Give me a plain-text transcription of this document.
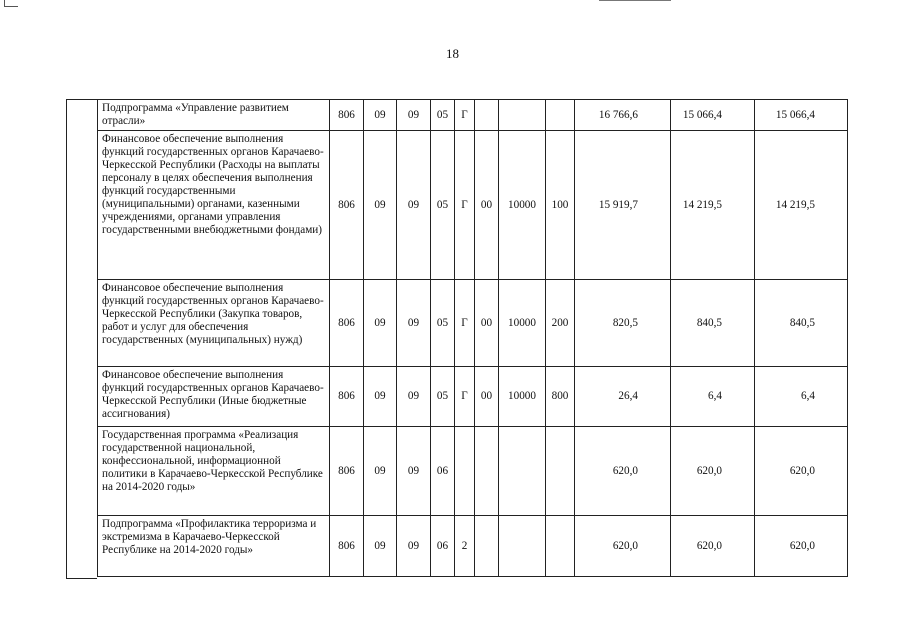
18
Подпрограмма «Управление развитием отрасли»	806	09	09	05	Г				16 766,6	15 066,4	15 066,4
Финансовое обеспечение выполнения функций государственных органов Карачаево-Черкесской Республики (Расходы на выплаты персоналу в целях обеспечения выполнения функций государственными (муниципальными) органами, казенными учреждениями, органами управления государственными внебюджетными фондами)	806	09	09	05	Г	00	10000	100	15 919,7	14 219,5	14 219,5
Финансовое обеспечение выполнения функций государственных органов Карачаево-Черкесской Республики (Закупка товаров, работ и услуг для обеспечения государственных (муниципальных) нужд)	806	09	09	05	Г	00	10000	200	820,5	840,5	840,5
Финансовое обеспечение выполнения функций государственных органов Карачаево-Черкесской Республики (Иные бюджетные ассигнования)	806	09	09	05	Г	00	10000	800	26,4	6,4	6,4
Государственная программа «Реализация государственной национальной, конфессиональной, информационной политики в Карачаево-Черкесской Республике на 2014-2020 годы»	806	09	09	06					620,0	620,0	620,0
Подпрограмма «Профилактика терроризма и экстремизма в Карачаево-Черкесской Республике на 2014-2020 годы»	806	09	09	06	2				620,0	620,0	620,0
